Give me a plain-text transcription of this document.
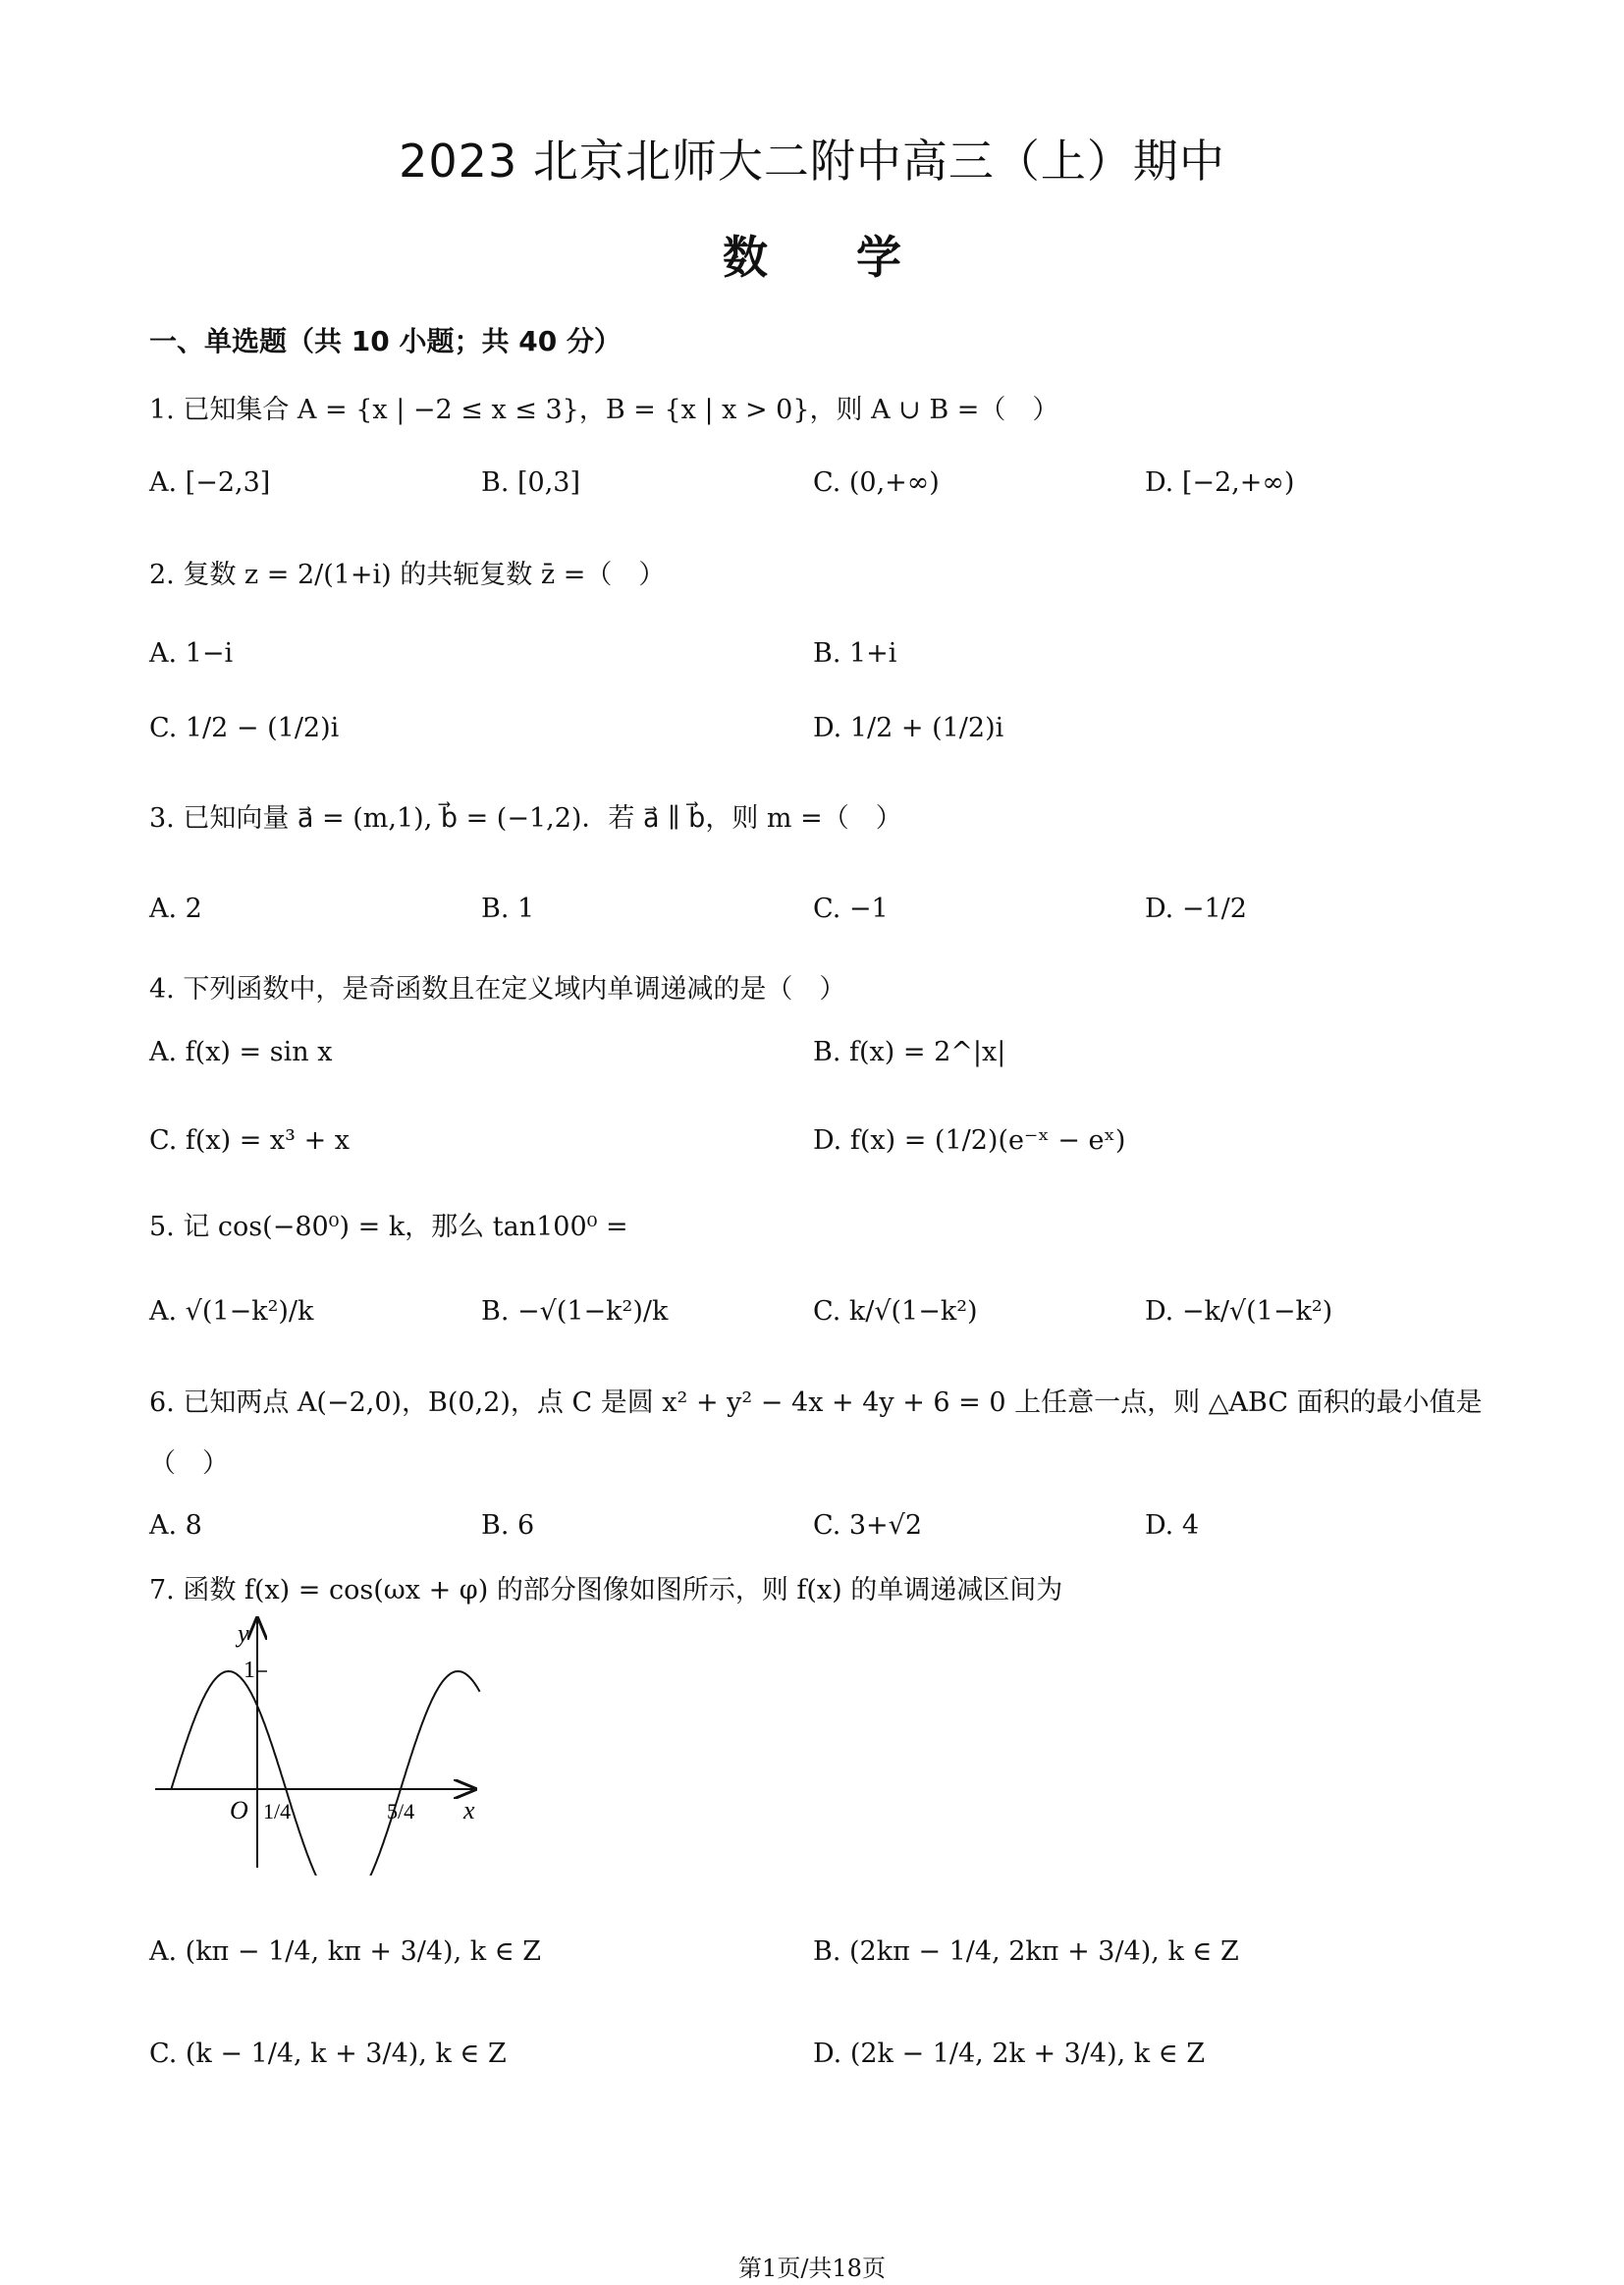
2023 北京北师大二附中高三（上）期中
数学
一、单选题（共 10 小题；共 40 分）
1. 已知集合 A = {x | −2 ≤ x ≤ 3}，B = {x | x > 0}，则 A ∪ B =（　）
A. [−2,3]	B. [0,3]	C. (0,+∞)	D. [−2,+∞)
2. 复数 z = 2/(1+i) 的共轭复数 z̄ =（　）
A. 1−i	B. 1+i
C. 1/2 − (1/2)i	D. 1/2 + (1/2)i
3. 已知向量 a⃗ = (m,1), b⃗ = (−1,2)．若 a⃗ ∥ b⃗，则 m =（　）
A. 2	B. 1	C. −1	D. −1/2
4. 下列函数中，是奇函数且在定义域内单调递减的是（　）
A. f(x) = sin x	B. f(x) = 2^|x|
C. f(x) = x³ + x	D. f(x) = (1/2)(e⁻ˣ − eˣ)
5. 记 cos(−80⁰) = k，那么 tan100⁰ =
A. √(1−k²)/k	B. −√(1−k²)/k	C. k/√(1−k²)	D. −k/√(1−k²)
6. 已知两点 A(−2,0)，B(0,2)，点 C 是圆 x² + y² − 4x + 4y + 6 = 0 上任意一点，则 △ABC 面积的最小值是（　）
A. 8	B. 6	C. 3+√2	D. 4
7. 函数 f(x) = cos(ωx + φ) 的部分图像如图所示，则 f(x) 的单调递减区间为
y
x
O
1
1/4	5/4
A. (kπ − 1/4, kπ + 3/4), k ∈ Z	B. (2kπ − 1/4, 2kπ + 3/4), k ∈ Z
C. (k − 1/4, k + 3/4), k ∈ Z	D. (2k − 1/4, 2k + 3/4), k ∈ Z
第1页/共18页
